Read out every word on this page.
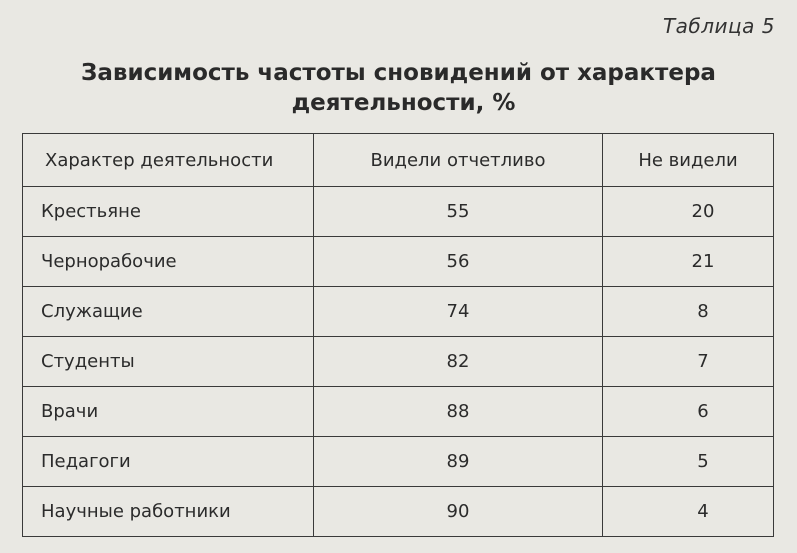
Таблица 5
Зависимость частоты сновидений от характера
деятельности, %
Характер деятельности	Видели отчетливо	Не видели
Крестьяне	55	20
Чернорабочие	56	21
Служащие	74	8
Студенты	82	7
Врачи	88	6
Педагоги	89	5
Научные работники	90	4
